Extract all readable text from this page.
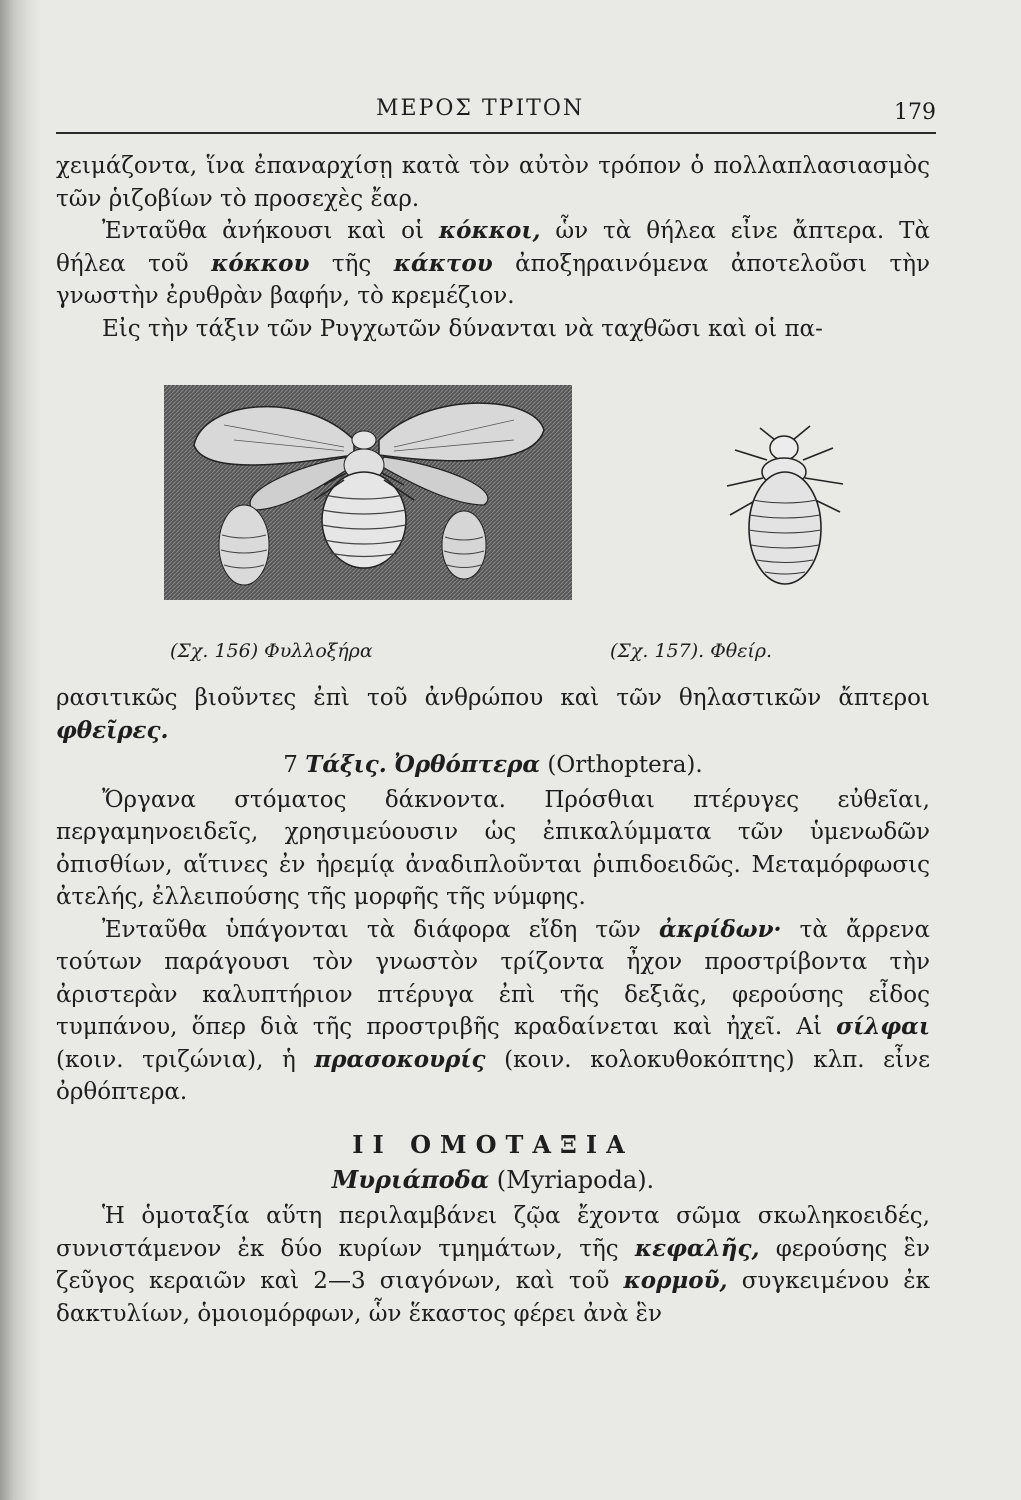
ΜΕΡΟΣ ΤΡΙΤΟΝ	179

χειμάζοντα, ἵνα ἐπαναρχίσῃ κατὰ τὸν αὐτὸν τρόπον ὁ πολλαπλασιασμὸς τῶν ῥιζοβίων τὸ προσεχὲς ἔαρ.

Ἐνταῦθα ἀνήκουσι καὶ οἱ κόκκοι, ὧν τὰ θήλεα εἶνε ἄπτερα. Τὰ θήλεα τοῦ κόκκου τῆς κάκτου ἀποξηραινόμενα ἀποτελοῦσι τὴν γνωστὴν ἐρυθρὰν βαφήν, τὸ κρεμέζιον.

Εἰς τὴν τάξιν τῶν Ρυγχωτῶν δύνανται νὰ ταχθῶσι καὶ οἱ πα-

(Σχ. 156) Φυλλοξήρα	(Σχ. 157). Φθείρ.

ρασιτικῶς βιοῦντες ἐπὶ τοῦ ἀνθρώπου καὶ τῶν θηλαστικῶν ἄπτεροι φθεῖρες.

7 Τάξις. Ὀρθόπτερα (Orthoptera).

Ὄργανα στόματος δάκνοντα. Πρόσθιαι πτέρυγες εὐθεῖαι, περγαμηνοειδεῖς, χρησιμεύουσιν ὡς ἐπικαλύμματα τῶν ὑμενωδῶν ὀπισθίων, αἵτινες ἐν ἠρεμίᾳ ἀναδιπλοῦνται ῥιπιδοειδῶς. Μεταμόρφωσις ἀτελής, ἐλλειπούσης τῆς μορφῆς τῆς νύμφης.

Ἐνταῦθα ὑπάγονται τὰ διάφορα εἴδη τῶν ἀκρίδων· τὰ ἄρρενα τούτων παράγουσι τὸν γνωστὸν τρίζοντα ἦχον προστρίβοντα τὴν ἀριστερὰν καλυπτήριον πτέρυγα ἐπὶ τῆς δεξιᾶς, φερούσης εἶδος τυμπάνου, ὅπερ διὰ τῆς προστριβῆς κραδαίνεται καὶ ἠχεῖ. Αἱ σίλφαι (κοιν. τριζώνια), ἡ πρασοκουρίς (κοιν. κολοκυθοκόπτης) κλπ. εἶνε ὀρθόπτερα.

ΙΙ ΟΜΟΤΑΞΙΑ
Μυριάποδα (Myriapoda).

Ἡ ὁμοταξία αὕτη περιλαμβάνει ζῷα ἔχοντα σῶμα σκωληκοειδές, συνιστάμενον ἐκ δύο κυρίων τμημάτων, τῆς κεφαλῆς, φερούσης ἓν ζεῦγος κεραιῶν καὶ 2—3 σιαγόνων, καὶ τοῦ κορμοῦ, συγκειμένου ἐκ δακτυλίων, ὁμοιομόρφων, ὧν ἕκαστος φέρει ἀνὰ ἓν
